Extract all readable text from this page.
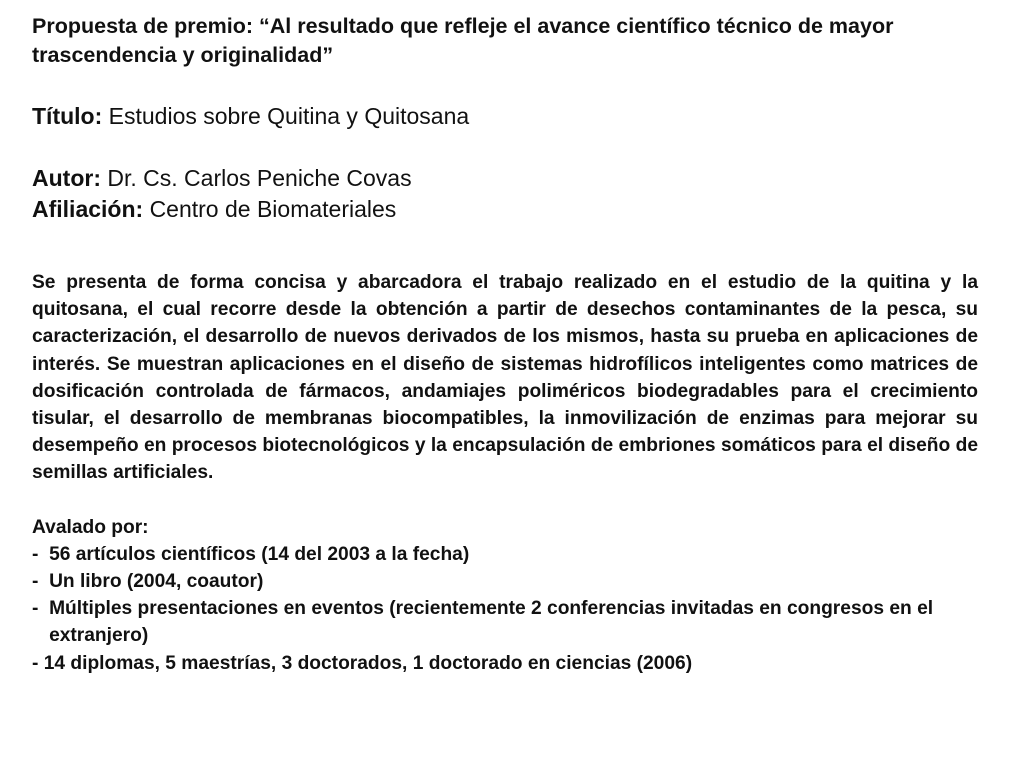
Propuesta de premio: “Al resultado que refleje el avance científico técnico de mayor trascendencia y originalidad”

Título: Estudios sobre Quitina y Quitosana

Autor: Dr. Cs. Carlos Peniche Covas

Afiliación: Centro de Biomateriales

Se presenta de forma concisa y abarcadora el trabajo realizado en el estudio de la quitina y la quitosana, el cual recorre desde la obtención a partir de desechos contaminantes de la pesca, su caracterización, el desarrollo de nuevos derivados de los mismos, hasta su prueba en aplicaciones de interés. Se muestran aplicaciones en el diseño de sistemas hidrofílicos inteligentes como matrices de dosificación controlada de fármacos, andamiajes poliméricos biodegradables para el crecimiento tisular, el desarrollo de membranas biocompatibles, la inmovilización de enzimas para mejorar su desempeño en procesos biotecnológicos y la encapsulación de embriones somáticos para el diseño de semillas artificiales.

Avalado por:

- 56 artículos científicos (14 del 2003 a la fecha)
- Un libro (2004, coautor)
- Múltiples presentaciones en eventos (recientemente 2 conferencias invitadas en congresos en el extranjero)
- 14 diplomas, 5 maestrías, 3 doctorados, 1 doctorado en ciencias (2006)
